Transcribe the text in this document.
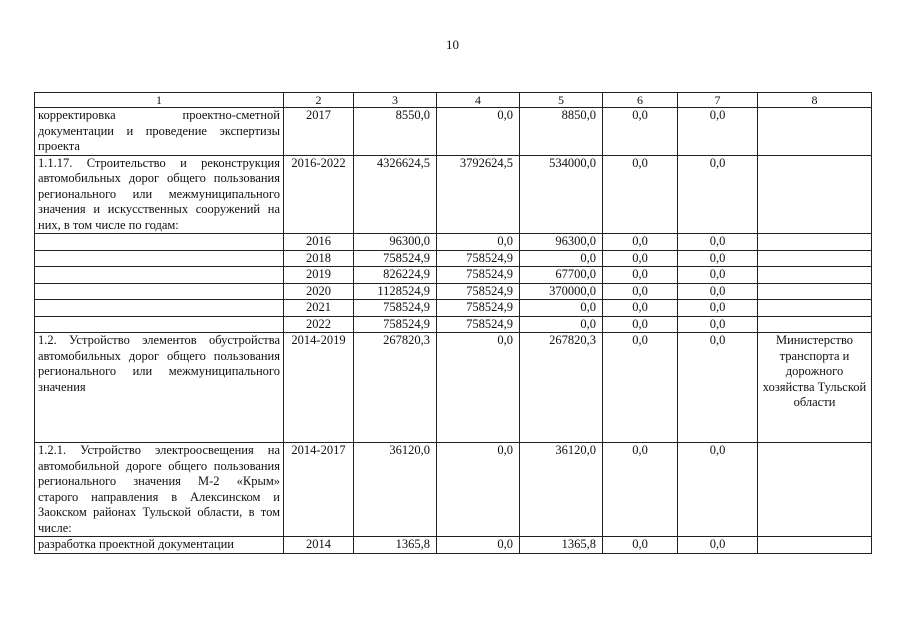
10
1	2	3	4	5	6	7	8
корректировка проектно-сметной документации и проведение экспертизы проекта	2017	8550,0	0,0	8850,0	0,0	0,0	
1.1.17. Строительство и реконструкция автомобильных дорог общего пользования регионального или межмуниципального значения и искусственных сооружений на них, в том числе по годам:	2016-2022	4326624,5	3792624,5	534000,0	0,0	0,0	
	2016	96300,0	0,0	96300,0	0,0	0,0	
	2018	758524,9	758524,9	0,0	0,0	0,0	
	2019	826224,9	758524,9	67700,0	0,0	0,0	
	2020	1128524,9	758524,9	370000,0	0,0	0,0	
	2021	758524,9	758524,9	0,0	0,0	0,0	
	2022	758524,9	758524,9	0,0	0,0	0,0	
1.2. Устройство элементов обустройства автомобильных дорог общего пользования регионального или межмуниципального значения	2014-2019	267820,3	0,0	267820,3	0,0	0,0	Министерство транспорта и дорожного хозяйства Тульской области
1.2.1. Устройство электроосвещения на автомобильной дороге общего пользования регионального значения М-2 «Крым» старого направления в Алексинском и Заокском районах Тульской области, в том числе:	2014-2017	36120,0	0,0	36120,0	0,0	0,0	
разработка проектной документации	2014	1365,8	0,0	1365,8	0,0	0,0	
